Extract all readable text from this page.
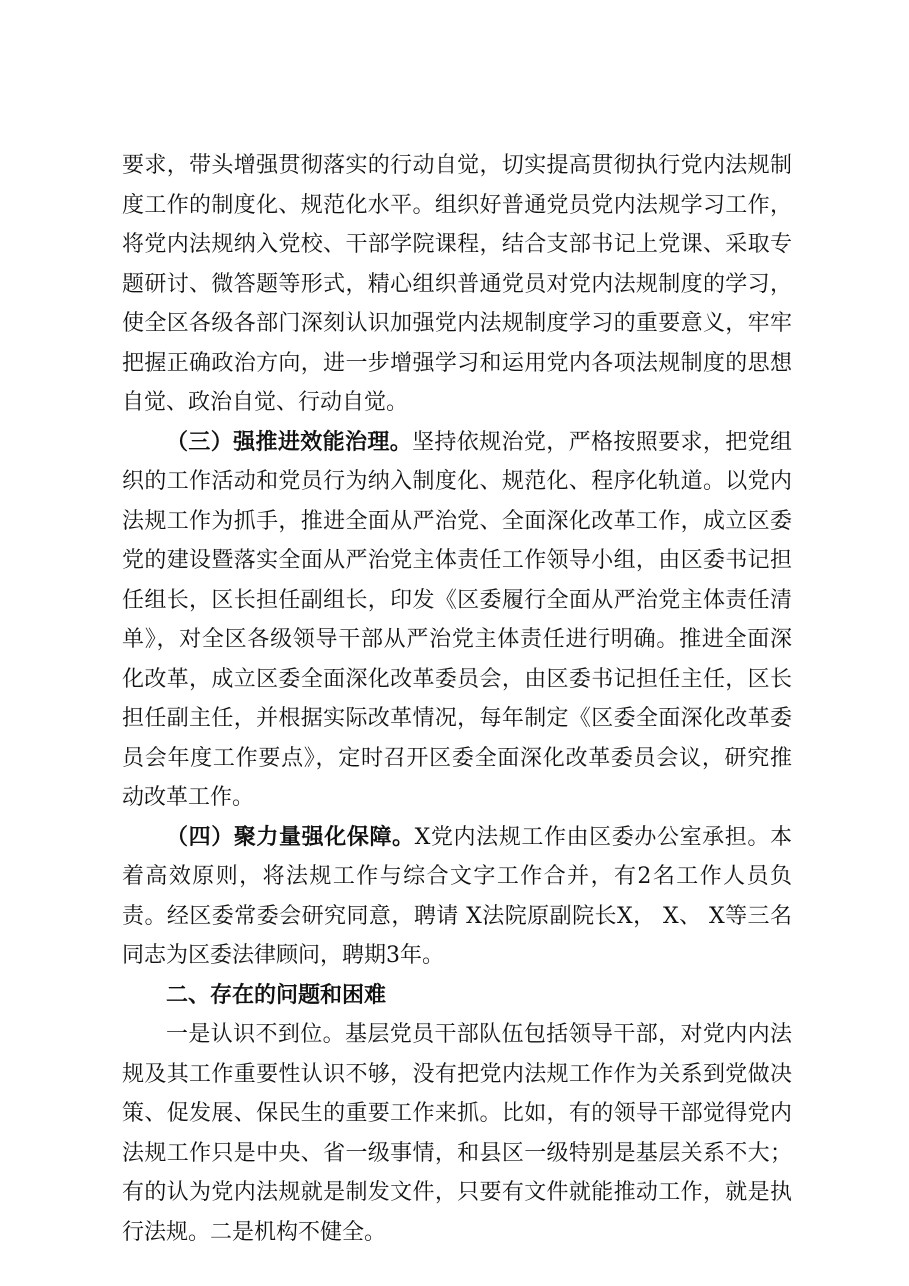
要求，带头增强贯彻落实的行动自觉，切实提高贯彻执行党内法规制度工作的制度化、规范化水平。组织好普通党员党内法规学习工作，将党内法规纳入党校、干部学院课程，结合支部书记上党课、采取专题研讨、微答题等形式，精心组织普通党员对党内法规制度的学习，使全区各级各部门深刻认识加强党内法规制度学习的重要意义，牢牢把握正确政治方向，进一步增强学习和运用党内各项法规制度的思想自觉、政治自觉、行动自觉。

（三）强推进效能治理。坚持依规治党，严格按照要求，把党组织的工作活动和党员行为纳入制度化、规范化、程序化轨道。以党内法规工作为抓手，推进全面从严治党、全面深化改革工作，成立区委党的建设暨落实全面从严治党主体责任工作领导小组，由区委书记担任组长，区长担任副组长，印发《区委履行全面从严治党主体责任清单》，对全区各级领导干部从严治党主体责任进行明确。推进全面深化改革，成立区委全面深化改革委员会，由区委书记担任主任，区长担任副主任，并根据实际改革情况，每年制定《区委全面深化改革委员会年度工作要点》，定时召开区委全面深化改革委员会议，研究推动改革工作。

（四）聚力量强化保障。X党内法规工作由区委办公室承担。本着高效原则，将法规工作与综合文字工作合并，有2名工作人员负责。经区委常委会研究同意，聘请 X法院原副院长X， X、 X等三名同志为区委法律顾问，聘期3年。

二、存在的问题和困难

一是认识不到位。基层党员干部队伍包括领导干部，对党内内法规及其工作重要性认识不够，没有把党内法规工作作为关系到党做决策、促发展、保民生的重要工作来抓。比如，有的领导干部觉得党内法规工作只是中央、省一级事情，和县区一级特别是基层关系不大；有的认为党内法规就是制发文件，只要有文件就能推动工作，就是执行法规。二是机构不健全。
